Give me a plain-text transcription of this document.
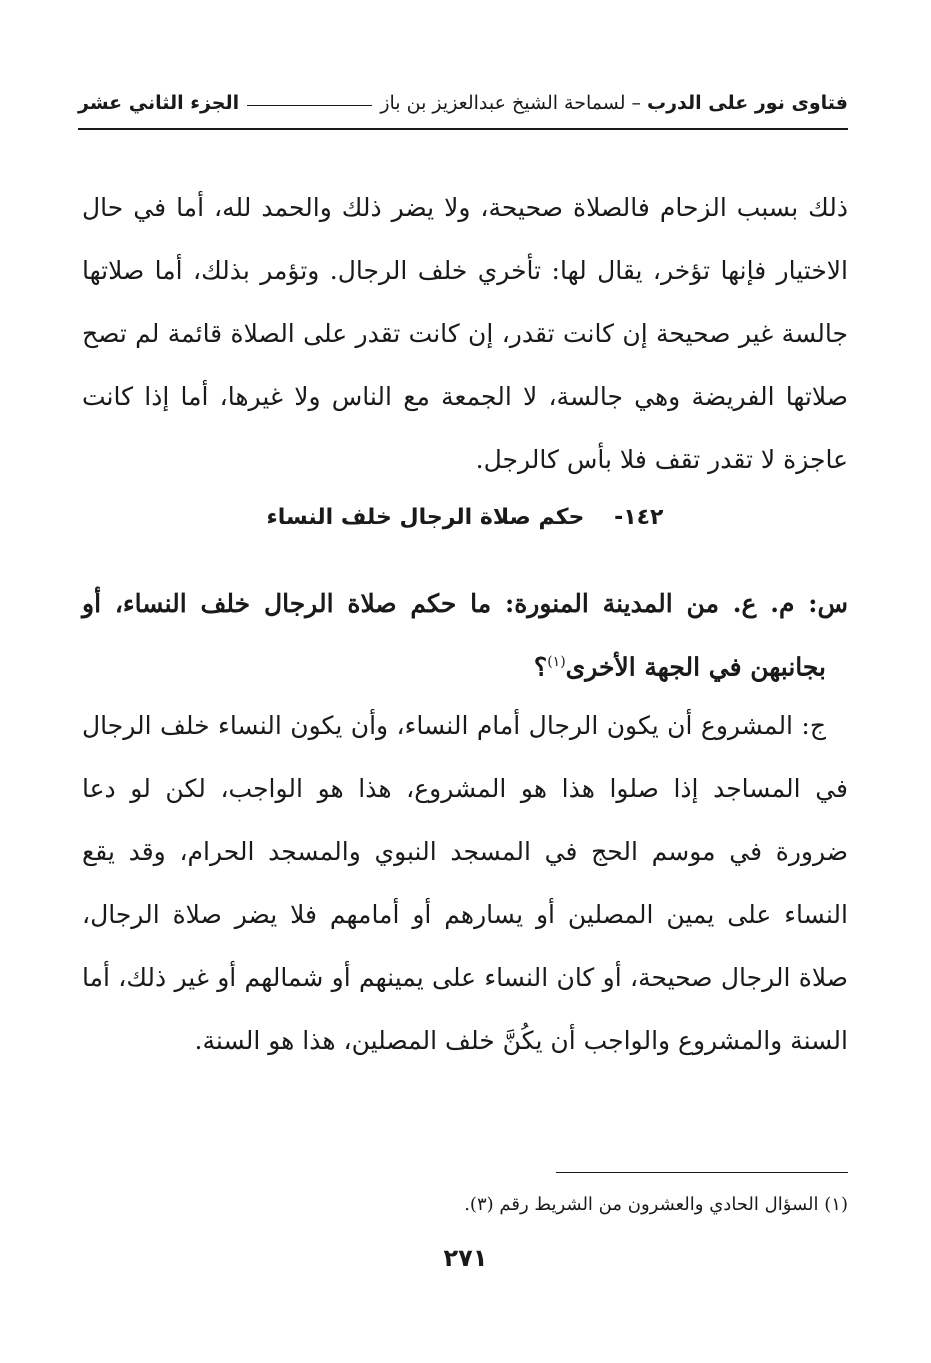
فتاوى نور على الدرب
–
لسماحة الشيخ عبدالعزيز بن باز
الجزء الثاني عشر
ذلك بسبب الزحام فالصلاة صحيحة، ولا يضر ذلك والحمد لله، أما في حال الاختيار فإنها تؤخر، يقال لها: تأخري خلف الرجال. وتؤمر بذلك، أما صلاتها جالسة غير صحيحة إن كانت تقدر، إن كانت تقدر على الصلاة قائمة لم تصح صلاتها الفريضة وهي جالسة، لا الجمعة مع الناس ولا غيرها، أما إذا كانت عاجزة لا تقدر تقف فلا بأس كالرجل.
١٤٢- حكم صلاة الرجال خلف النساء
س: م. ع. من المدينة المنورة: ما حكم صلاة الرجال خلف النساء، أو
بجانبهن في الجهة الأخرى$^{(١)}$؟
ج: المشروع أن يكون الرجال أمام النساء، وأن يكون النساء خلف الرجال في المساجد إذا صلوا هذا هو المشروع، هذا هو الواجب، لكن لو دعا ضرورة في موسم الحج في المسجد النبوي والمسجد الحرام، وقد يقع النساء على يمين المصلين أو يسارهم أو أمامهم فلا يضر صلاة الرجال، صلاة الرجال صحيحة، أو كان النساء على يمينهم أو شمالهم أو غير ذلك، أما السنة والمشروع والواجب أن يكُنَّ خلف المصلين، هذا هو السنة.
(١) السؤال الحادي والعشرون من الشريط رقم (٣).
٢٧١
